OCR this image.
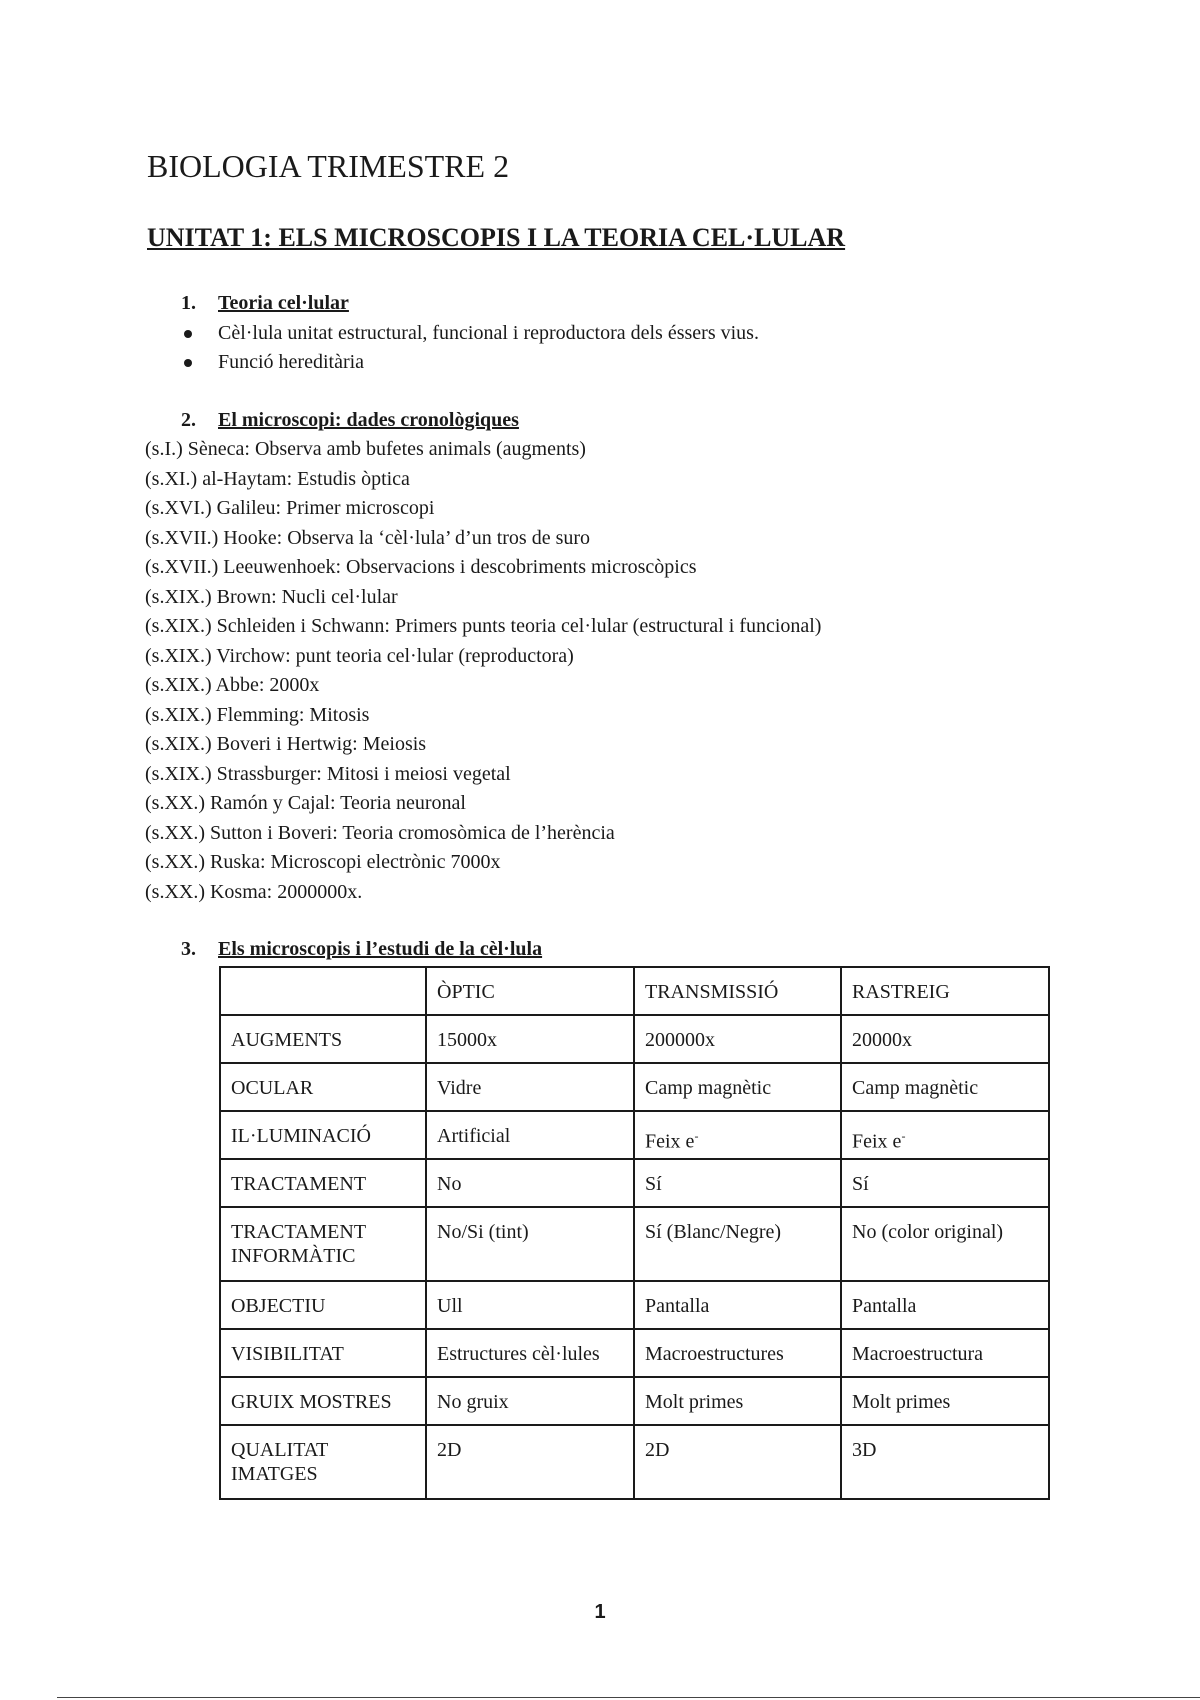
BIOLOGIA TRIMESTRE 2
UNITAT 1: ELS MICROSCOPIS I LA TEORIA CEL·LULAR
1. Teoria cel·lular
Cèl·lula unitat estructural, funcional i reproductora dels éssers vius.
Funció hereditària
2. El microscopi: dades cronològiques
(s.I.) Sèneca: Observa amb bufetes animals (augments)
(s.XI.) al-Haytam: Estudis òptica
(s.XVI.) Galileu: Primer microscopi
(s.XVII.) Hooke: Observa la ‘cèl·lula’ d’un tros de suro
(s.XVII.) Leeuwenhoek: Observacions i descobriments microscòpics
(s.XIX.) Brown: Nucli cel·lular
(s.XIX.) Schleiden i Schwann: Primers punts teoria cel·lular (estructural i funcional)
(s.XIX.) Virchow: punt teoria cel·lular (reproductora)
(s.XIX.) Abbe: 2000x
(s.XIX.) Flemming: Mitosis
(s.XIX.) Boveri i Hertwig: Meiosis
(s.XIX.) Strassburger: Mitosi i meiosi vegetal
(s.XX.) Ramón y Cajal: Teoria neuronal
(s.XX.) Sutton i Boveri: Teoria cromosòmica de l’herència
(s.XX.) Ruska: Microscopi electrònic 7000x
(s.XX.) Kosma: 2000000x.
3. Els microscopis i l’estudi de la cèl·lula
	ÒPTIC	TRANSMISSIÓ	RASTREIG
AUGMENTS	15000x	200000x	20000x
OCULAR	Vidre	Camp magnètic	Camp magnètic
IL·LUMINACIÓ	Artificial	Feix e-	Feix e-
TRACTAMENT	No	Sí	Sí
TRACTAMENT INFORMÀTIC	No/Si (tint)	Sí (Blanc/Negre)	No (color original)
OBJECTIU	Ull	Pantalla	Pantalla
VISIBILITAT	Estructures cèl·lules	Macroestructures	Macroestructura
GRUIX MOSTRES	No gruix	Molt primes	Molt primes
QUALITAT IMATGES	2D	2D	3D
1
